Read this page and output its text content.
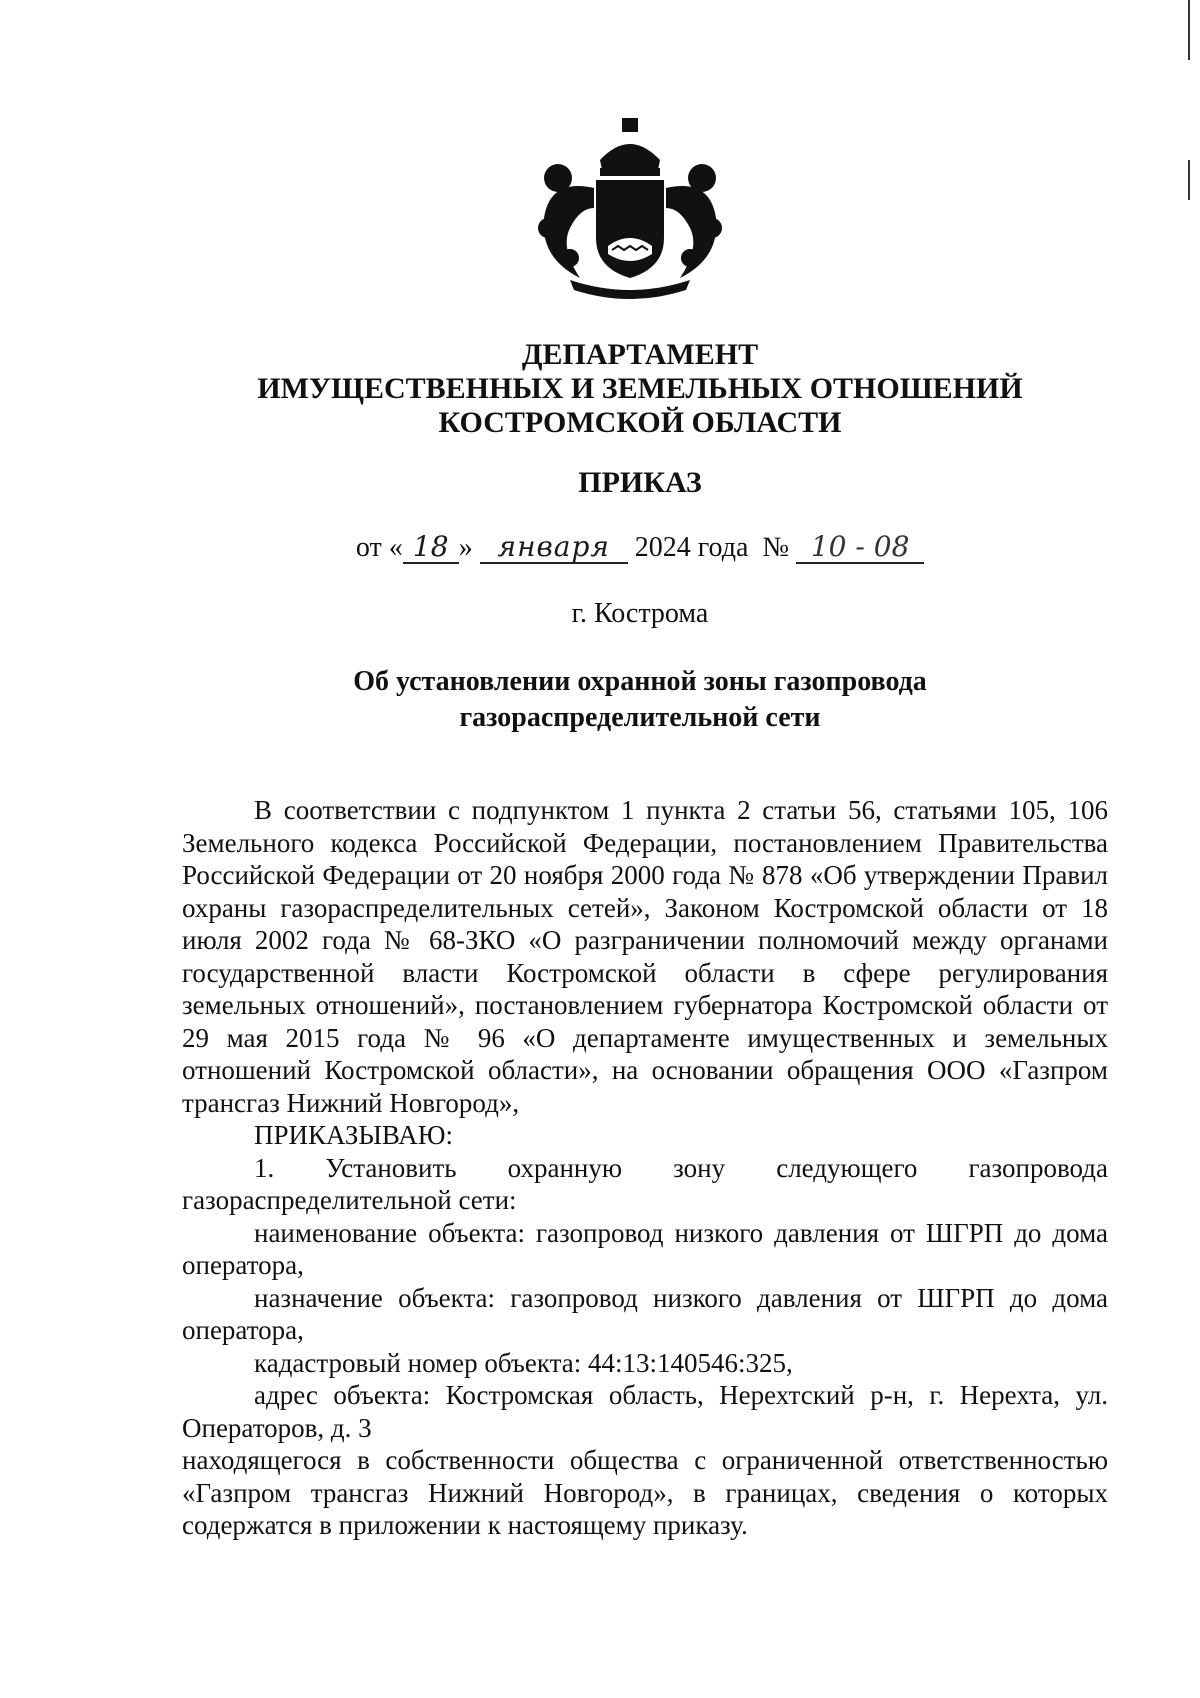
ДЕПАРТАМЕНТ
ИМУЩЕСТВЕННЫХ И ЗЕМЕЛЬНЫХ ОТНОШЕНИЙ
КОСТРОМСКОЙ ОБЛАСТИ
ПРИКАЗ
от « 18 » января 2024 года № 10 - 08
г. Кострома
Об установлении охранной зоны газопровода
газораспределительной сети

В соответствии с подпунктом 1 пункта 2 статьи 56, статьями 105, 106 Земельного кодекса Российской Федерации, постановлением Правительства Российской Федерации от 20 ноября 2000 года № 878 «Об утверждении Правил охраны газораспределительных сетей», Законом Костромской области от 18 июля 2002 года № 68-ЗКО «О разграничении полномочий между органами государственной власти Костромской области в сфере регулирования земельных отношений», постановлением губернатора Костромской области от 29 мая 2015 года № 96 «О департаменте имущественных и земельных отношений Костромской области», на основании обращения ООО «Газпром трансгаз Нижний Новгород»,

ПРИКАЗЫВАЮ:

1. Установить охранную зону следующего газопровода газораспределительной сети:

наименование объекта: газопровод низкого давления от ШГРП до дома оператора,

назначение объекта: газопровод низкого давления от ШГРП до дома оператора,

кадастровый номер объекта: 44:13:140546:325,

адрес объекта: Костромская область, Нерехтский р-н, г. Нерехта, ул. Операторов, д. 3

находящегося в собственности общества с ограниченной ответственностью «Газпром трансгаз Нижний Новгород», в границах, сведения о которых содержатся в приложении к настоящему приказу.
